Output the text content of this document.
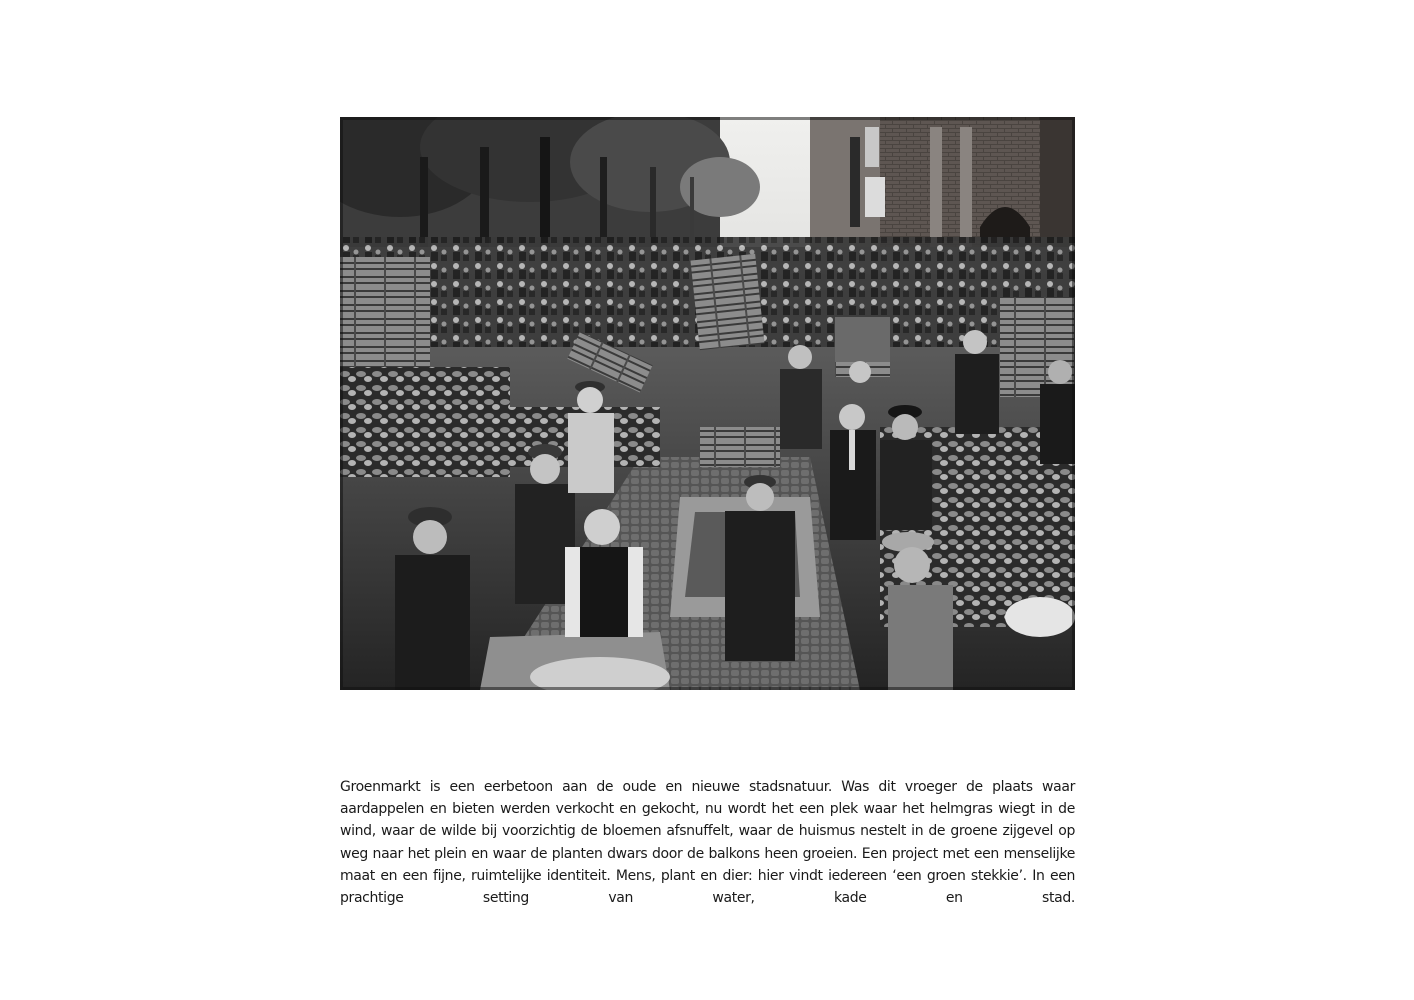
Groenmarkt is een eerbetoon aan de oude en nieuwe stadsnatuur. Was dit vroeger de plaats waar aardappelen en bieten werden verkocht en gekocht, nu wordt het een plek waar het helmgras wiegt in de wind, waar de wilde bij voorzichtig de bloemen afsnuffelt, waar de huismus nestelt in de groene zijgevel op weg naar het plein en waar de planten dwars door de balkons heen groeien. Een project met een menselijke maat en een fijne, ruimtelijke identiteit. Mens, plant en dier: hier vindt iedereen ‘een groen stekkie’. In een prachtige setting van water, kade en stad.
